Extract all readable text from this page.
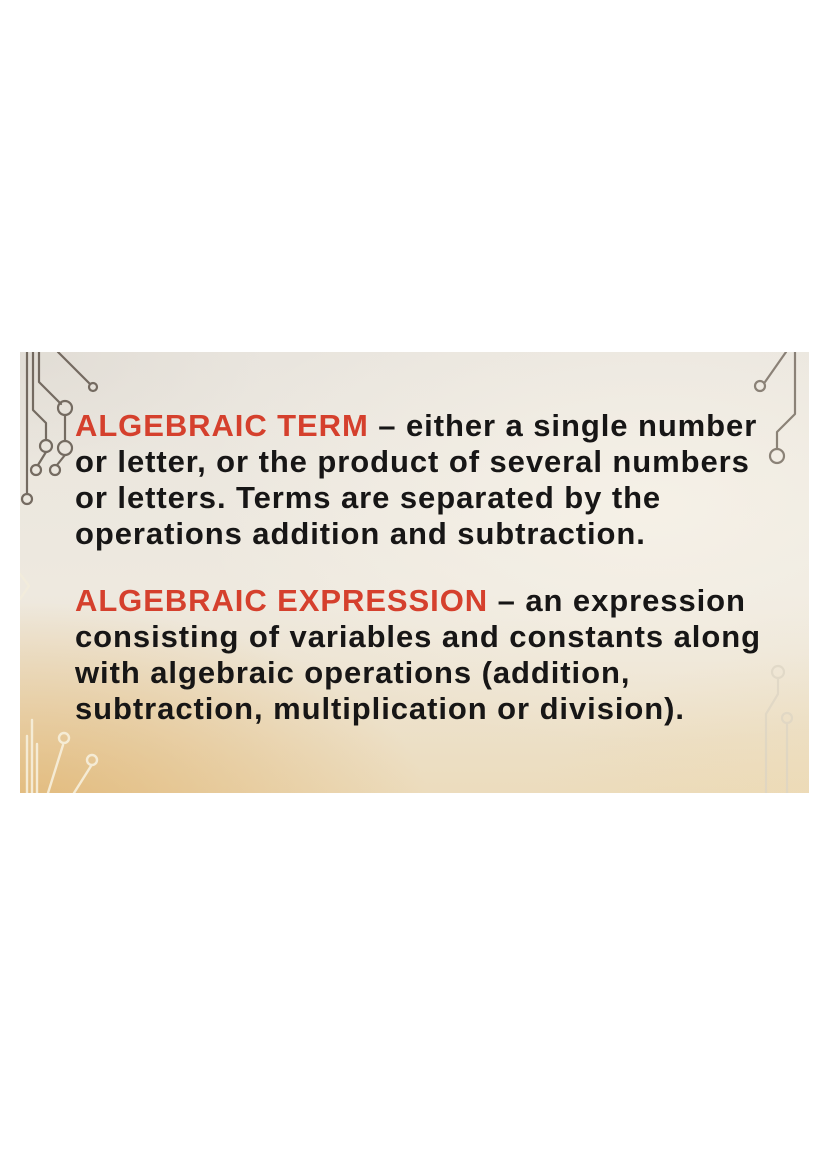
ALGEBRAIC TERM – either a single number
or letter, or the product of several numbers
or letters. Terms are separated by the
operations addition and subtraction.

ALGEBRAIC EXPRESSION – an expression
consisting of variables and constants along
with algebraic operations (addition,
subtraction, multiplication or division).
